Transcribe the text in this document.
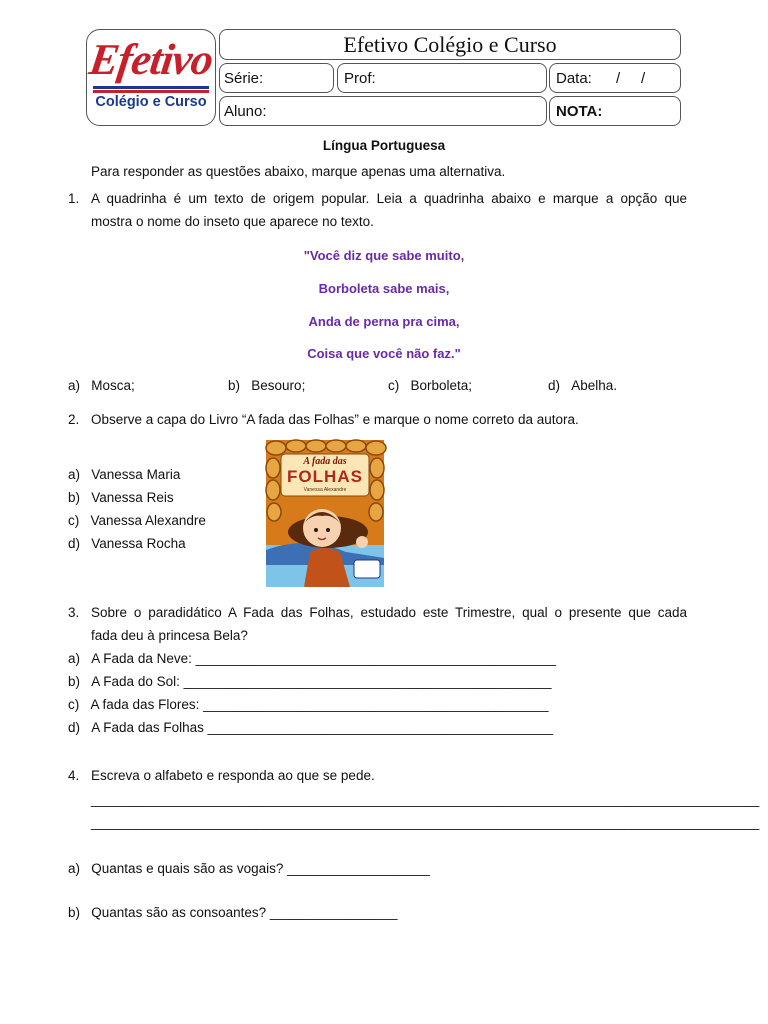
Efetivo
Colégio e Curso
Efetivo Colégio e Curso
Série:	Prof:	Data: /     /
Aluno:	NOTA:
Língua Portuguesa
Para responder as questões abaixo, marque apenas uma alternativa.
1. A quadrinha é um texto de origem popular. Leia a quadrinha abaixo e marque a opção que
mostra o nome do inseto que aparece no texto.
"Você diz que sabe muito,
Borboleta sabe mais,
Anda de perna pra cima,
Coisa que você não faz."
a) Mosca;	b) Besouro;	c) Borboleta;	d) Abelha.
2. Observe a capa do Livro “A fada das Folhas” e marque o nome correto da autora.
a) Vanessa Maria
b) Vanessa Reis
c) Vanessa Alexandre
d) Vanessa Rocha
A fada das
FOLHAS
Vanessa Alexandre
3. Sobre o paradidático A Fada das Folhas, estudado este Trimestre, qual o presente que cada
fada deu à princesa Bela?
a) A Fada da Neve: ________________________________________________
b) A Fada do Sol: _________________________________________________
c) A fada das Flores: ______________________________________________
d) A Fada das Folhas ______________________________________________
4. Escreva o alfabeto e responda ao que se pede.
_________________________________________________________________________________________
_________________________________________________________________________________________
a) Quantas e quais são as vogais? ___________________
b) Quantas são as consoantes? _________________
